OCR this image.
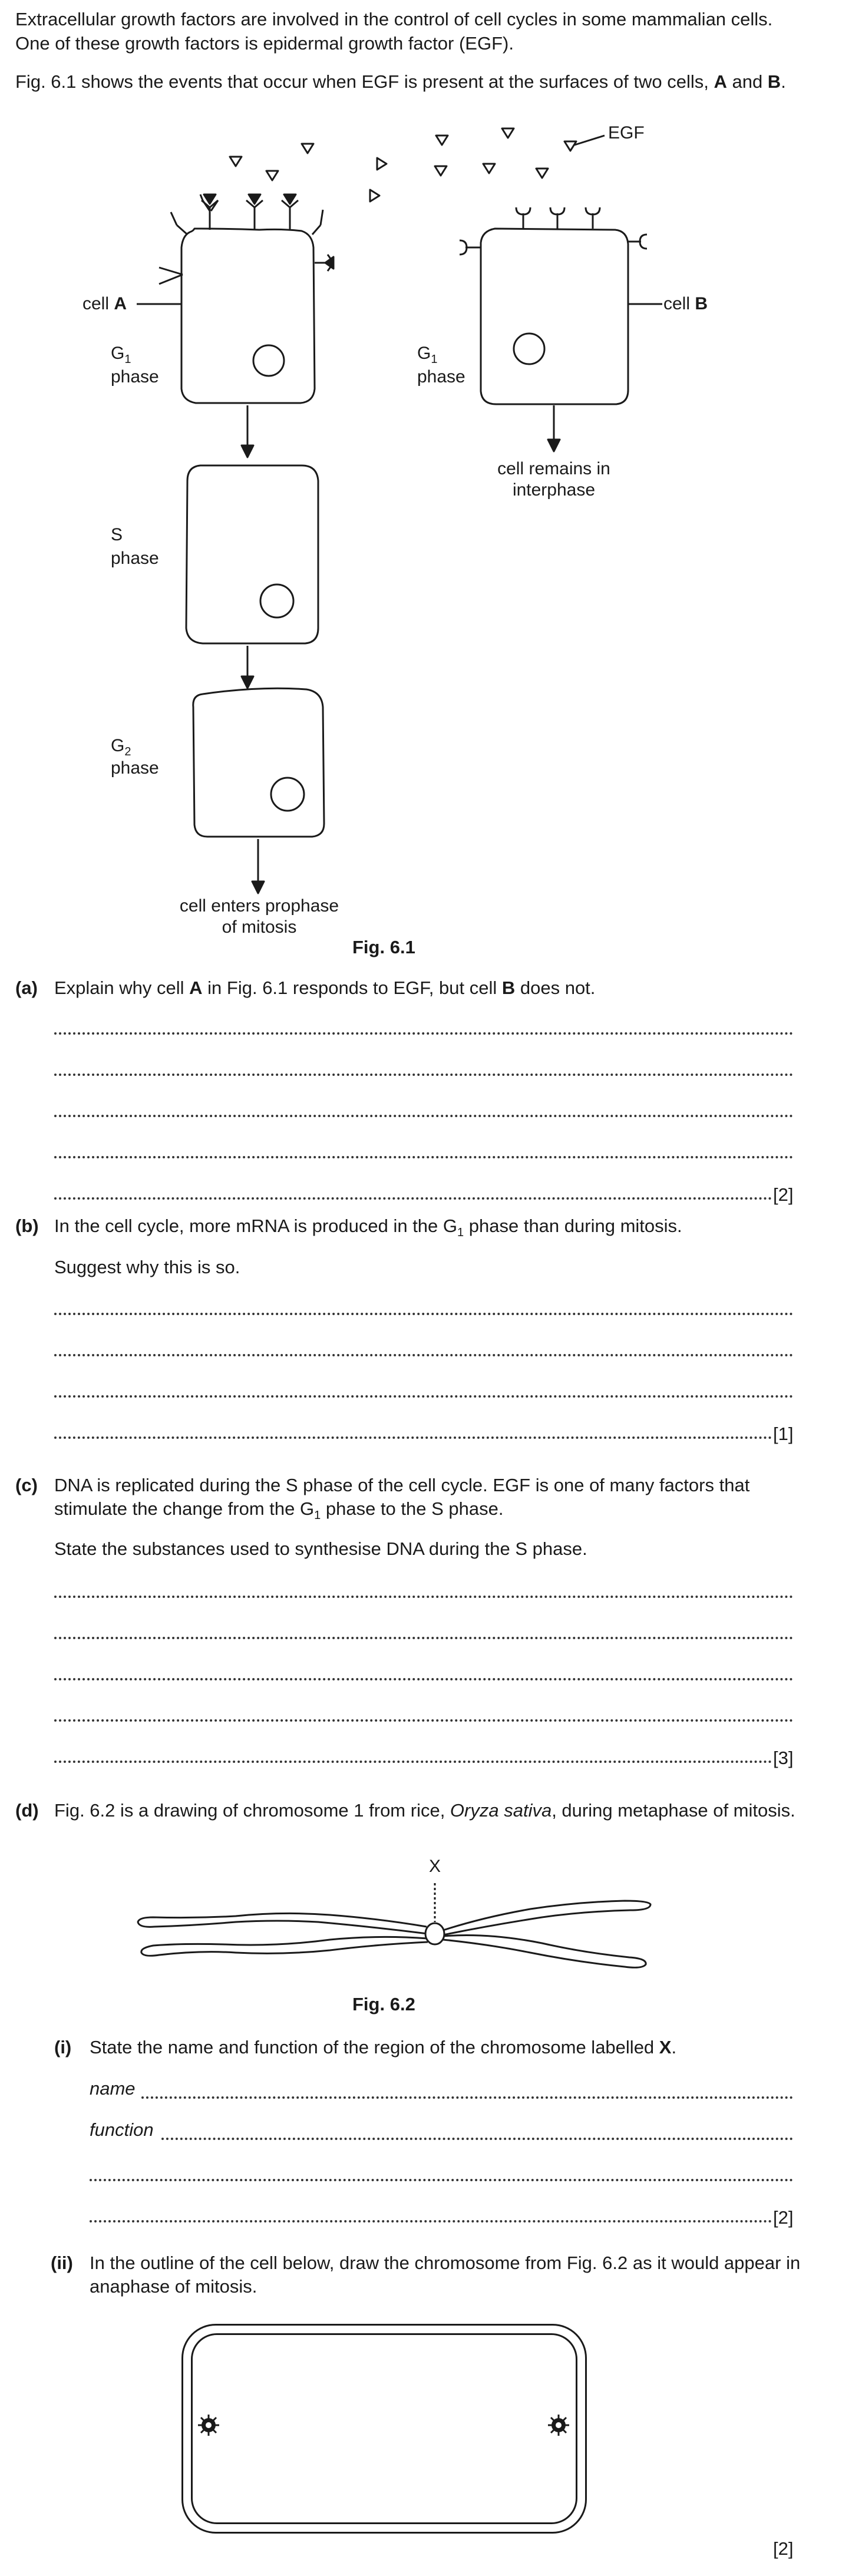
Extracellular growth factors are involved in the control of cell cycles in some mammalian cells.
One of these growth factors is epidermal growth factor (EGF).
Fig. 6.1 shows the events that occur when EGF is present at the surfaces of two cells, A and B.
EGF
cell A	cell B
$G_1$
phase
$G_1$
phase
cell remains in
interphase
S
phase
$G_2$
phase
cell enters prophase
of mitosis
Fig. 6.1
(a) Explain why cell A in Fig. 6.1 responds to EGF, but cell B does not.
[2]
(b) In the cell cycle, more mRNA is produced in the $G_1$ phase than during mitosis.
Suggest why this is so.
[1]
(c) DNA is replicated during the S phase of the cell cycle. EGF is one of many factors that
stimulate the change from the $G_1$ phase to the S phase.
State the substances used to synthesise DNA during the S phase.
[3]
(d) Fig. 6.2 is a drawing of chromosome 1 from rice, Oryza sativa, during metaphase of mitosis.
X
Fig. 6.2
(i) State the name and function of the region of the chromosome labelled X.
name
function
[2]
(ii) In the outline of the cell below, draw the chromosome from Fig. 6.2 as it would appear in
anaphase of mitosis.
[2]
